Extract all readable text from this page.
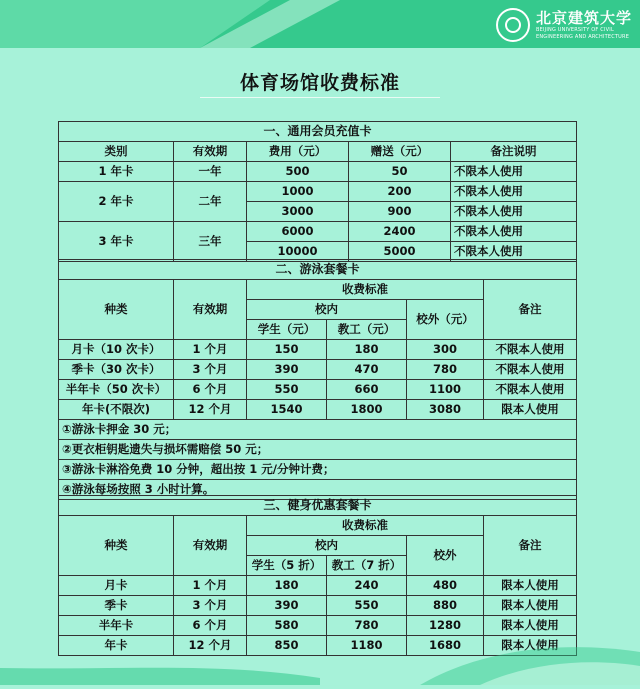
北京建筑大学
BEIJING UNIVERSITY OF CIVIL
ENGINEERING AND ARCHITECTURE
体育场馆收费标准
一、通用会员充值卡				
类别	有效期	费用（元）	赠送（元）	备注说明
1 年卡	一年	500	50	不限本人使用
2 年卡	二年	1000	200	不限本人使用
		3000	900	不限本人使用
3 年卡	三年	6000	2400	不限本人使用
		10000	5000	不限本人使用
二、游泳套餐卡					
种类	有效期	收费标准			备注
		校内		校外（元）	
		学生（元）	教工（元）		
月卡（10 次卡）	1 个月	150	180	300	不限本人使用
季卡（30 次卡）	3 个月	390	470	780	不限本人使用
半年卡（50 次卡）	6 个月	550	660	1100	不限本人使用
年卡(不限次)	12 个月	1540	1800	3080	限本人使用
①游泳卡押金 30 元；					
②更衣柜钥匙遗失与损坏需赔偿 50 元；					
③游泳卡淋浴免费 10 分钟，超出按 1 元/分钟计费；					
④游泳每场按照 3 小时计算。					
三、健身优惠套餐卡					
种类	有效期	收费标准			备注
		校内		校外	
		学生（5 折）	教工（7 折）		
月卡	1 个月	180	240	480	限本人使用
季卡	3 个月	390	550	880	限本人使用
半年卡	6 个月	580	780	1280	限本人使用
年卡	12 个月	850	1180	1680	限本人使用
